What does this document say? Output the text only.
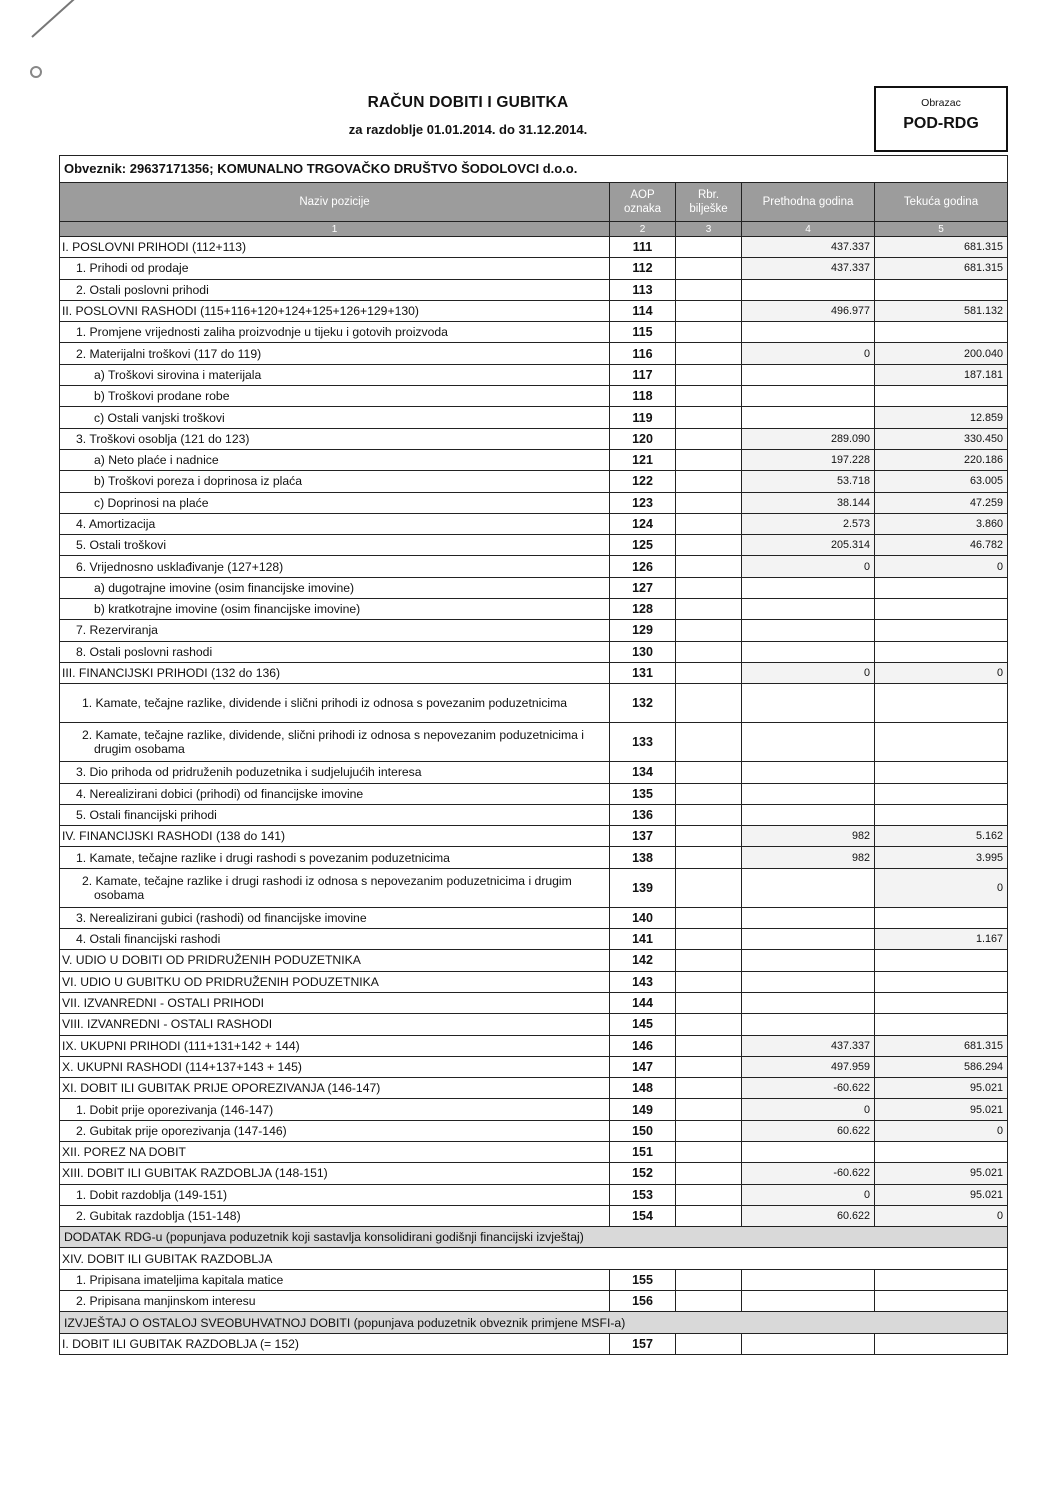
RAČUN DOBITI I GUBITKA
za razdoblje 01.01.2014. do 31.12.2014.
Obrazac
POD-RDG
Obveznik: 29637171356; KOMUNALNO TRGOVAČKO DRUŠTVO ŠODOLOVCI d.o.o.				
Naziv pozicije	AOP oznaka	Rbr. bilješke	Prethodna godina	Tekuća godina
1	2	3	4	5
I. POSLOVNI PRIHODI (112+113)	111		437.337	681.315
1. Prihodi od prodaje	112		437.337	681.315
2. Ostali poslovni prihodi	113			
II. POSLOVNI RASHODI (115+116+120+124+125+126+129+130)	114		496.977	581.132
1. Promjene vrijednosti zaliha proizvodnje u tijeku i gotovih proizvoda	115			
2. Materijalni troškovi (117 do 119)	116		0	200.040
a) Troškovi sirovina i materijala	117			187.181
b) Troškovi prodane robe	118			
c) Ostali vanjski troškovi	119			12.859
3. Troškovi osoblja (121 do 123)	120		289.090	330.450
a) Neto plaće i nadnice	121		197.228	220.186
b) Troškovi poreza i doprinosa iz plaća	122		53.718	63.005
c) Doprinosi na plaće	123		38.144	47.259
4. Amortizacija	124		2.573	3.860
5. Ostali troškovi	125		205.314	46.782
6. Vrijednosno usklađivanje (127+128)	126		0	0
a) dugotrajne imovine (osim financijske imovine)	127			
b) kratkotrajne imovine (osim financijske imovine)	128			
7. Rezerviranja	129			
8. Ostali poslovni rashodi	130			
III. FINANCIJSKI PRIHODI (132 do 136)	131		0	0
1. Kamate, tečajne razlike, dividende i slični prihodi iz odnosa s povezanim poduzetnicima	132			
2. Kamate, tečajne razlike, dividende, slični prihodi iz odnosa s nepovezanim poduzetnicima i drugim osobama	133			
3. Dio prihoda od pridruženih poduzetnika i sudjelujućih interesa	134			
4. Nerealizirani dobici (prihodi) od financijske imovine	135			
5. Ostali financijski prihodi	136			
IV. FINANCIJSKI RASHODI (138 do 141)	137		982	5.162
1. Kamate, tečajne razlike i drugi rashodi s povezanim poduzetnicima	138		982	3.995
2. Kamate, tečajne razlike i drugi rashodi iz odnosa s nepovezanim poduzetnicima i drugim osobama	139			0
3. Nerealizirani gubici (rashodi) od financijske imovine	140			
4. Ostali financijski rashodi	141			1.167
V. UDIO U DOBITI OD PRIDRUŽENIH PODUZETNIKA	142			
VI. UDIO U GUBITKU OD PRIDRUŽENIH PODUZETNIKA	143			
VII. IZVANREDNI - OSTALI PRIHODI	144			
VIII. IZVANREDNI - OSTALI RASHODI	145			
IX. UKUPNI PRIHODI (111+131+142 + 144)	146		437.337	681.315
X. UKUPNI RASHODI (114+137+143 + 145)	147		497.959	586.294
XI. DOBIT ILI GUBITAK PRIJE OPOREZIVANJA (146-147)	148		-60.622	95.021
1. Dobit prije oporezivanja (146-147)	149		0	95.021
2. Gubitak prije oporezivanja (147-146)	150		60.622	0
XII. POREZ NA DOBIT	151			
XIII. DOBIT ILI GUBITAK RAZDOBLJA (148-151)	152		-60.622	95.021
1. Dobit razdoblja (149-151)	153		0	95.021
2. Gubitak razdoblja (151-148)	154		60.622	0
DODATAK RDG-u (popunjava poduzetnik koji sastavlja konsolidirani godišnji financijski izvještaj)				
XIV. DOBIT ILI GUBITAK RAZDOBLJA				
1. Pripisana imateljima kapitala matice	155			
2. Pripisana manjinskom interesu	156			
IZVJEŠTAJ O OSTALOJ SVEOBUHVATNOJ DOBITI (popunjava poduzetnik obveznik primjene MSFI-a)				
I. DOBIT ILI GUBITAK RAZDOBLJA (= 152)	157			
